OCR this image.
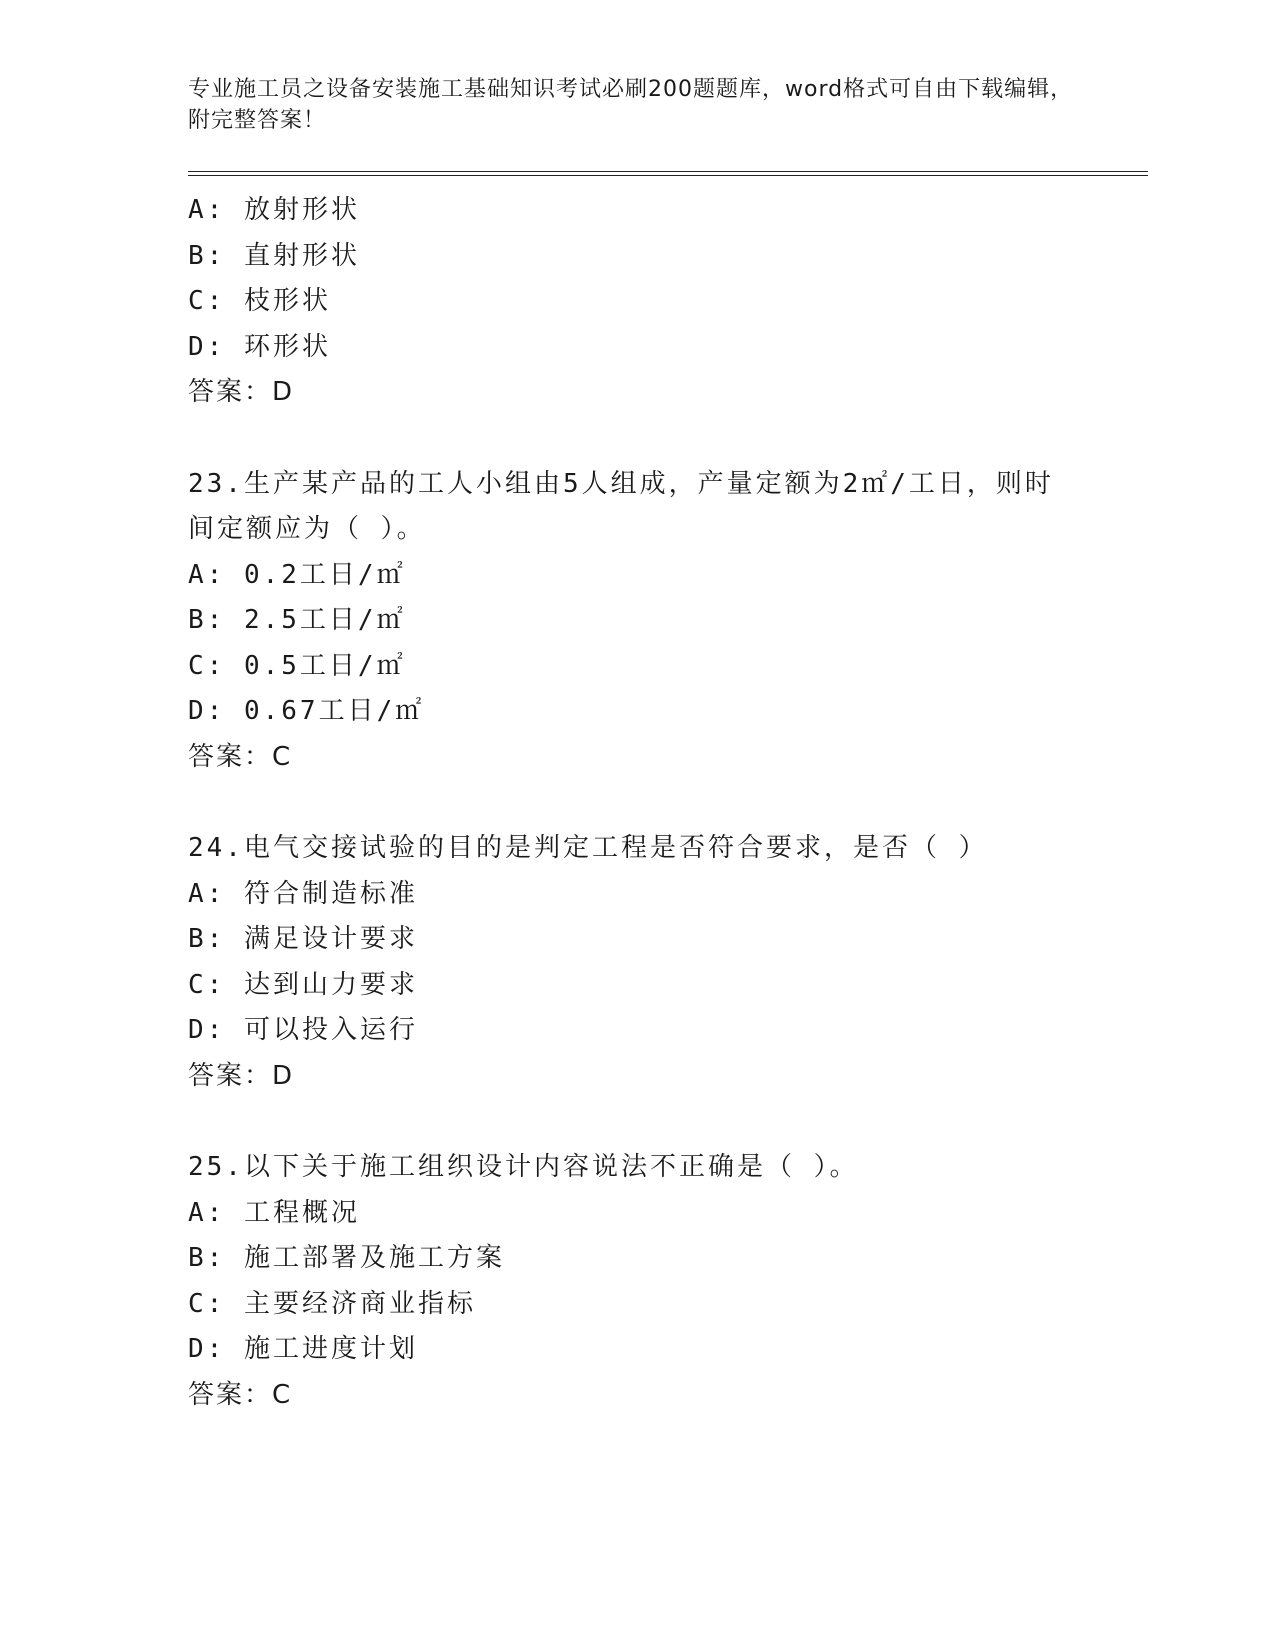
专业施工员之设备安装施工基础知识考试必刷200题题库，word格式可自由下载编辑，附完整答案！
A: 放射形状
B: 直射形状
C: 枝形状
D: 环形状
答案：D
23.生产某产品的工人小组由5人组成，产量定额为2㎡/工日，则时间定额应为（ ）。
A: 0.2工日/㎡
B: 2.5工日/㎡
C: 0.5工日/㎡
D: 0.67工日/㎡
答案：C
24.电气交接试验的目的是判定工程是否符合要求，是否（ ）
A: 符合制造标准
B: 满足设计要求
C: 达到山力要求
D: 可以投入运行
答案：D
25.以下关于施工组织设计内容说法不正确是（ ）。
A: 工程概况
B: 施工部署及施工方案
C: 主要经济商业指标
D: 施工进度计划
答案：C
